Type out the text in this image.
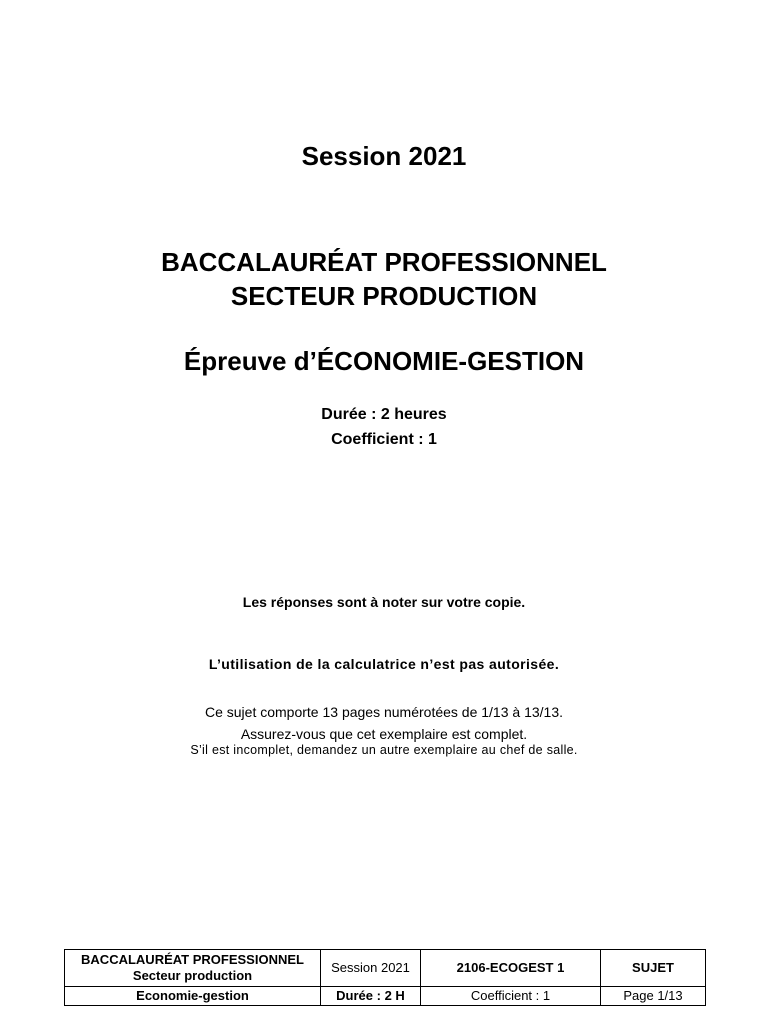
Session 2021
BACCALAURÉAT PROFESSIONNEL
SECTEUR PRODUCTION
Épreuve d’ÉCONOMIE-GESTION
Durée : 2 heures
Coefficient : 1
Les réponses sont à noter sur votre copie.
L’utilisation de la calculatrice n’est pas autorisée.
Ce sujet comporte 13 pages numérotées de 1/13 à 13/13.
Assurez-vous que cet exemplaire est complet.
S’il est incomplet, demandez un autre exemplaire au chef de salle.
BACCALAURÉAT PROFESSIONNEL
Secteur production	Session 2021	2106-ECOGEST 1	SUJET
Economie-gestion	Durée : 2 H	Coefficient : 1	Page 1/13
